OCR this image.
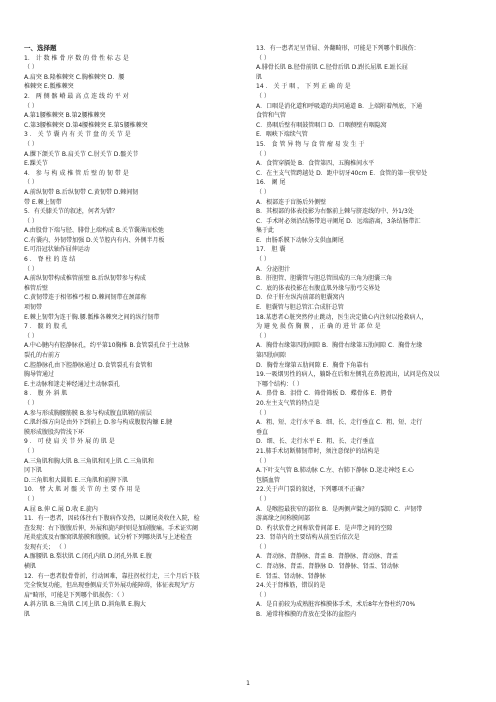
一、选择题
1． 计 数 椎 骨 序 数 的 骨 性 标 志 是
（ ）
A.肩突 B.隆椎棘突 C.胸椎棘突 D．腰
椎棘突 E.骶椎棘突
2． 两 侧 髂 嵴 最 高 点 连 线 约 平 对
（ ）
A.第1腰椎棘突 B.第2腰椎棘突
C.第3腰椎棘突 D.第4腰椎棘突 E.第5腰椎棘突
3 ． 关 节 囊 内 有 关 节 盘 的 关 节 是
（ ）
A.髁下颌关节 B.肩关节 C.肘关节 D.髋关节
E.踝关节
4． 参 与 构 成 椎 管 后 壁 的 韧 带 是
（ ）
A.前纵韧带 B.后纵韧带 C.黄韧带 D.棘间韧
带 E.棘上韧带
5．有关膝关节的叙述，何者为错？
（ ）
A.由股骨下端与胫、腓骨上端构成 B.关节囊薄而松弛
C.有囊内、外韧带加强 D.关节腔内有内、外侧半月板
E.可沿冠状轴作屈伸运动
6 ． 脊 柱 的 连 结
（ ）
A.前纵韧带构成椎管前壁 B.后纵韧带参与构成
椎管后壁
C.黄韧带连于相邻椎弓根 D.棘间韧带在颈部称
项韧带
E.棘上韧带为连于胸.腰.骶椎各棘突之间的纵行韧带
7 ． 髋 的 股 孔
（ ）
A.中心腱内有腔静脉孔，约平第10胸椎 B.食管裂孔位于主动脉
裂孔的右前方
C.腔静脉孔由下腔静脉通过 D.食管裂孔有食管和
胸导管通过
E.主动脉和迷走神经通过主动脉裂孔
8 ． 腹 外 斜 肌
（ ）
A.参与形成胸腰筋膜 B.参与构成腹直肌鞘的前层
C.肌纤维方向是由外下到前上 D.参与构成腹股沟镰 E.腱
膜形成腹股沟管浅下环
9 ． 可 使 肩 关 节 外 展 的 肌 是
（ ）
A.三角肌和胸大肌 B.三角肌和冈上肌 C.三角肌和
冈下肌
D.三角肌和大圆肌 E.三角肌和前脾下肌
10． 臂 大 肌 对 髋 关 节 的 主 要 作 用 是
（ ）
A.屈 B.伸 C.展 D.收 E.旋内
11．有一患者，因砖体往右下腹病作发热，以阑尾炎收住入院，检
查发现：右下腹腹后伸，外展和旋内时则是加剧腹痛。手术证实阑
尾炎症波及右髂窝肌筋膜和腹膜。试分析下列哪块肌与上述检查
发现有关； （ ）
A.髂腰肌 B.梨状肌 C.闭孔内肌 D.闭孔外肌 E.腹
横肌
12．有一患者股骨骨折，行动困难，靠拄拐杖行走，三个月后下肢
完全恢复功能，但出现垂侧肩关节外展功能障碍，体征表现为"方
肩"畸形，可能是下列哪个肌损伤：（ ）
A.斜方肌 B.三角肌 C.冈上肌 D.斜角肌 E.胸大
肌
13．有一患者足呈背屈、外翻畸形，可能是下列哪个肌损伤：
（ ）
A.腓骨长肌 B.胫骨前肌 C.胫骨后肌 D.跗长屈肌 E.趾长屈
肌
14 ． 关 于 咽 ， 下 列 正 确 的 是
（ ）
A．口咽是消化道和呼吸道的共同通道 B．上端附着颅底，下通
食管和气管
C．鼻咽后壁有咽鼓管咽口 D．口咽侧壁有咽隐窝
E．咽峡下端续气管
15． 食 管 异 物 与 食 管 瘤 易 发 生 于
（ ）
A．食管穿膈处 B．食管第四、五胸椎间水平
C．在主支气管跨越处 D．距中切牙40cm E．食管的第一狭窄处
16． 阑 尾
（ ）
A．根部连于盲肠后外侧壁
B．其根部的体表投影为右髂前上棘与脐连线的中、外1/3处
C．手术时必须沿结肠带追寻阑尾 D．远端游离，3条结肠带汇
集于此
E．由肠系膜下动脉分支供血阑尾
17． 胆 囊
（ ）
A．分泌胆汁
B．肝胆管、胆囊管与胆总管围成的三角为胆囊三角
C．底的体表投影在右腹直肌外缘与肋弓交界处
D．位于肝左纵沟前部的胆囊窝内
E．胆囊管与胆总管汇合成肝总管
18.某患者心脏突然停止跳动，医生决定做心内注射以抢救病人，
为 避 免 损 伤 胸 膜 ， 正 确 的 进 针 部 位 是
（ ）
A．胸骨右缘第四肋间隙 B．胸骨右缘第五肋间隙 C．胸骨左缘
第四肋间隙
D．胸骨左缘第五肋间隙 E．胸骨下角靠右
19.一吸烟男性的病人，躺卧在后和左侧乳在鼻腔流出，试问是伤及以
下哪个结构：（ ）
A．鼻骨 B．泪骨 C．筛骨筛板 D．蝶骨体 E．腭骨
20.左主支气管的特点是
（ ）
A．粗、短、走行水平 B．细、长、走行垂直 C．粗、短、走行
垂直
D．细、长、走行水平 E．粗、长、走行垂直
21.肺手术切断肺韧带时，须注意保护的结构是
（ ）
A.下叶支气管 B.肺动脉 C.左、右肺下静脉 D.迷走神经 E.心
包膈血管
22.关于声门裂的叙述，下列哪项不正确？
（ ）
A．是喉腔最狭窄的部位 B．是两侧声襞之间的裂隙 C．声韧带
游离缘之间称膜间部
D．杓状软骨之间称软骨间部 E．是声带之间的空隙
23．肾蒂内的主要结构从前至后依次是
（ ）
A．肾动脉、肾静脉、肾盂 B．肾静脉、肾动脉、肾盂
C．肾动脉、肾盂、肾静脉 D．肾静脉、肾盂、肾动脉
E．肾盂、肾动脉、肾静脉
24.关于肾椎筋，错误的是
（ ）
A．是自前较为成熟脏容椎膜体手术，术后8年左脊柱约70%
B．通常将椎膜的背放在受体的盆腔内
1
